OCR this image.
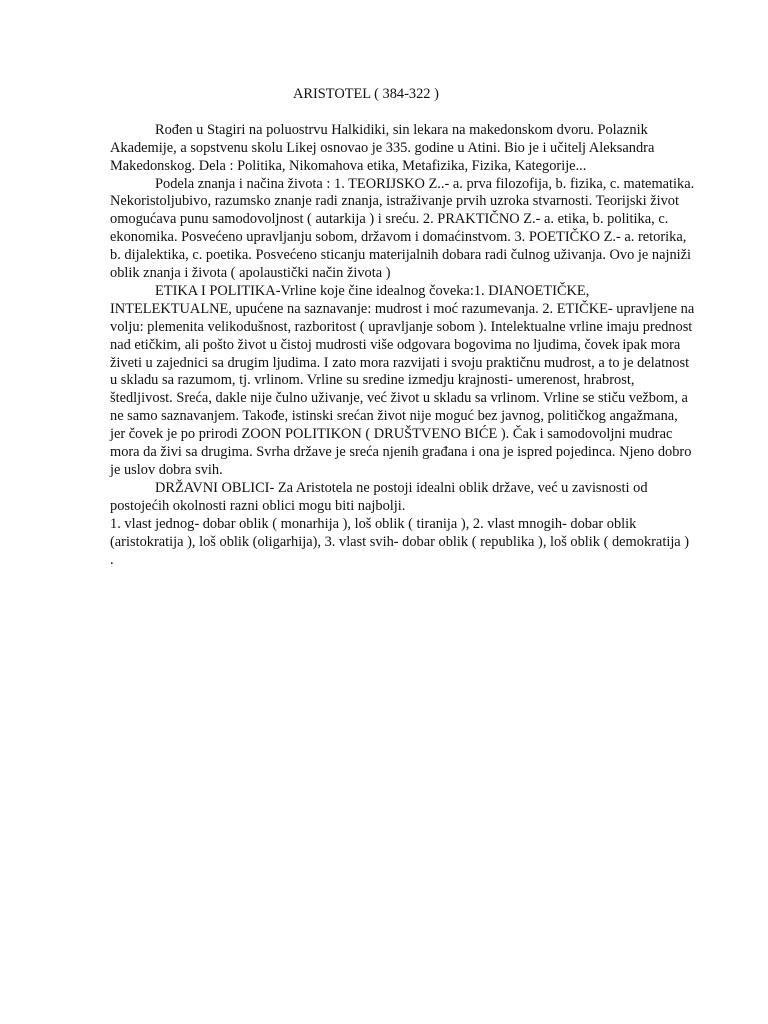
ARISTOTEL ( 384-322 )

Rođen u Stagiri na poluostrvu Halkidiki, sin lekara na makedonskom dvoru. Polaznik Akademije, a sopstvenu skolu Likej osnovao je 335. godine u Atini. Bio je i učitelj Aleksandra Makedonskog. Dela : Politika, Nikomahova etika, Metafizika, Fizika, Kategorije...

Podela znanja i načina života : 1. TEORIJSKO Z..- a. prva filozofija, b. fizika, c. matematika. Nekoristoljubivo, razumsko znanje radi znanja, istraživanje prvih uzroka stvarnosti. Teorijski život omogućava punu samodovoljnost ( autarkija ) i sreću. 2. PRAKTIČNO Z.- a. etika, b. politika, c. ekonomika. Posvećeno upravljanju sobom, državom i domaćinstvom. 3. POETIČKO Z.- a. retorika, b. dijalektika, c. poetika. Posvećeno sticanju materijalnih dobara radi čulnog uživanja. Ovo je najniži oblik znanja i života ( apolaustički način života )

ETIKA I POLITIKA-Vrline koje čine idealnog čoveka:1. DIANOETIČKE, INTELEKTUALNE, upućene na saznavanje: mudrost i moć razumevanja. 2. ETIČKE- upravljene na volju: plemenita velikodušnost, razboritost ( upravljanje sobom ). Intelektualne vrline imaju prednost nad etičkim, ali pošto život u čistoj mudrosti više odgovara bogovima no ljudima, čovek ipak mora živeti u zajednici sa drugim ljudima. I zato mora razvijati i svoju praktičnu mudrost, a to je delatnost u skladu sa razumom, tj. vrlinom. Vrline su sredine izmedju krajnosti- umerenost, hrabrost, štedljivost. Sreća, dakle nije čulno uživanje, već život u skladu sa vrlinom. Vrline se stiču vežbom, a ne samo saznavanjem. Takođe, istinski srećan život nije moguć bez javnog, političkog angažmana, jer čovek je po prirodi ZOON POLITIKON ( DRUŠTVENO BIĆE ). Čak i samodovoljni mudrac mora da živi sa drugima. Svrha države je sreća njenih građana i ona je ispred pojedinca. Njeno dobro je uslov dobra svih.

DRŽAVNI OBLICI- Za Aristotela ne postoji idealni oblik države, već u zavisnosti od postojećih okolnosti razni oblici mogu biti najbolji.

1. vlast jednog- dobar oblik ( monarhija ), loš oblik ( tiranija ), 2. vlast mnogih- dobar oblik (aristokratija ), loš oblik (oligarhija), 3. vlast svih- dobar oblik ( republika ), loš oblik ( demokratija ) .
